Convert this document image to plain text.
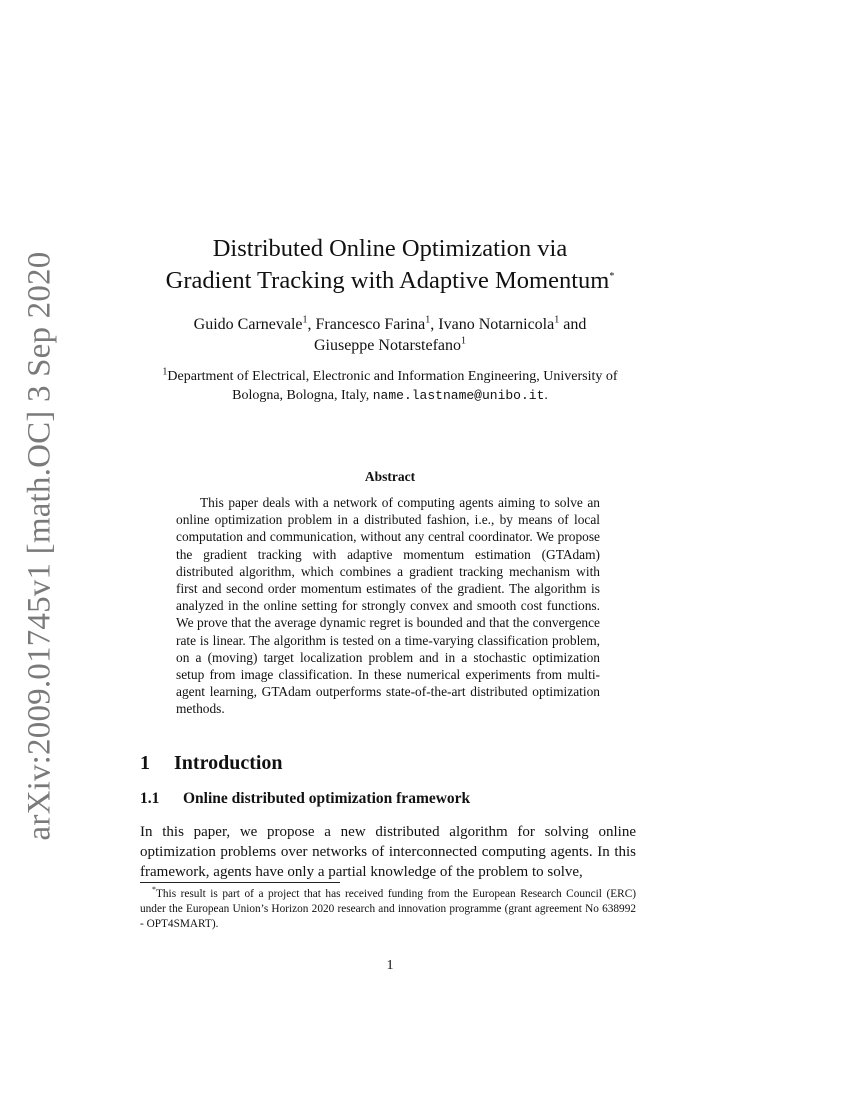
arXiv:2009.01745v1 [math.OC] 3 Sep 2020
Distributed Online Optimization via
Gradient Tracking with Adaptive Momentum*
Guido Carnevale$^1$, Francesco Farina$^1$, Ivano Notarnicola$^1$ and
Giuseppe Notarstefano$^1$
$^1$Department of Electrical, Electronic and Information Engineering, University of
Bologna, Bologna, Italy, name.lastname@unibo.it.
Abstract
This paper deals with a network of computing agents aiming to solve an online optimization problem in a distributed fashion, i.e., by means of local computation and communication, without any central coordinator. We propose the gradient tracking with adaptive momentum estimation (GTAdam) distributed algorithm, which combines a gradient tracking mechanism with first and second order momentum estimates of the gradient. The algorithm is analyzed in the online setting for strongly convex and smooth cost functions. We prove that the average dynamic regret is bounded and that the convergence rate is linear. The algorithm is tested on a time-varying classification problem, on a (moving) target localization problem and in a stochastic optimization setup from image classification. In these numerical experiments from multi-agent learning, GTAdam outperforms state-of-the-art distributed optimization methods.
1 Introduction
1.1 Online distributed optimization framework
In this paper, we propose a new distributed algorithm for solving online optimization problems over networks of interconnected computing agents. In this framework, agents have only a partial knowledge of the problem to solve,
*This result is part of a project that has received funding from the European Research Council (ERC) under the European Union’s Horizon 2020 research and innovation programme (grant agreement No 638992 - OPT4SMART).
1
